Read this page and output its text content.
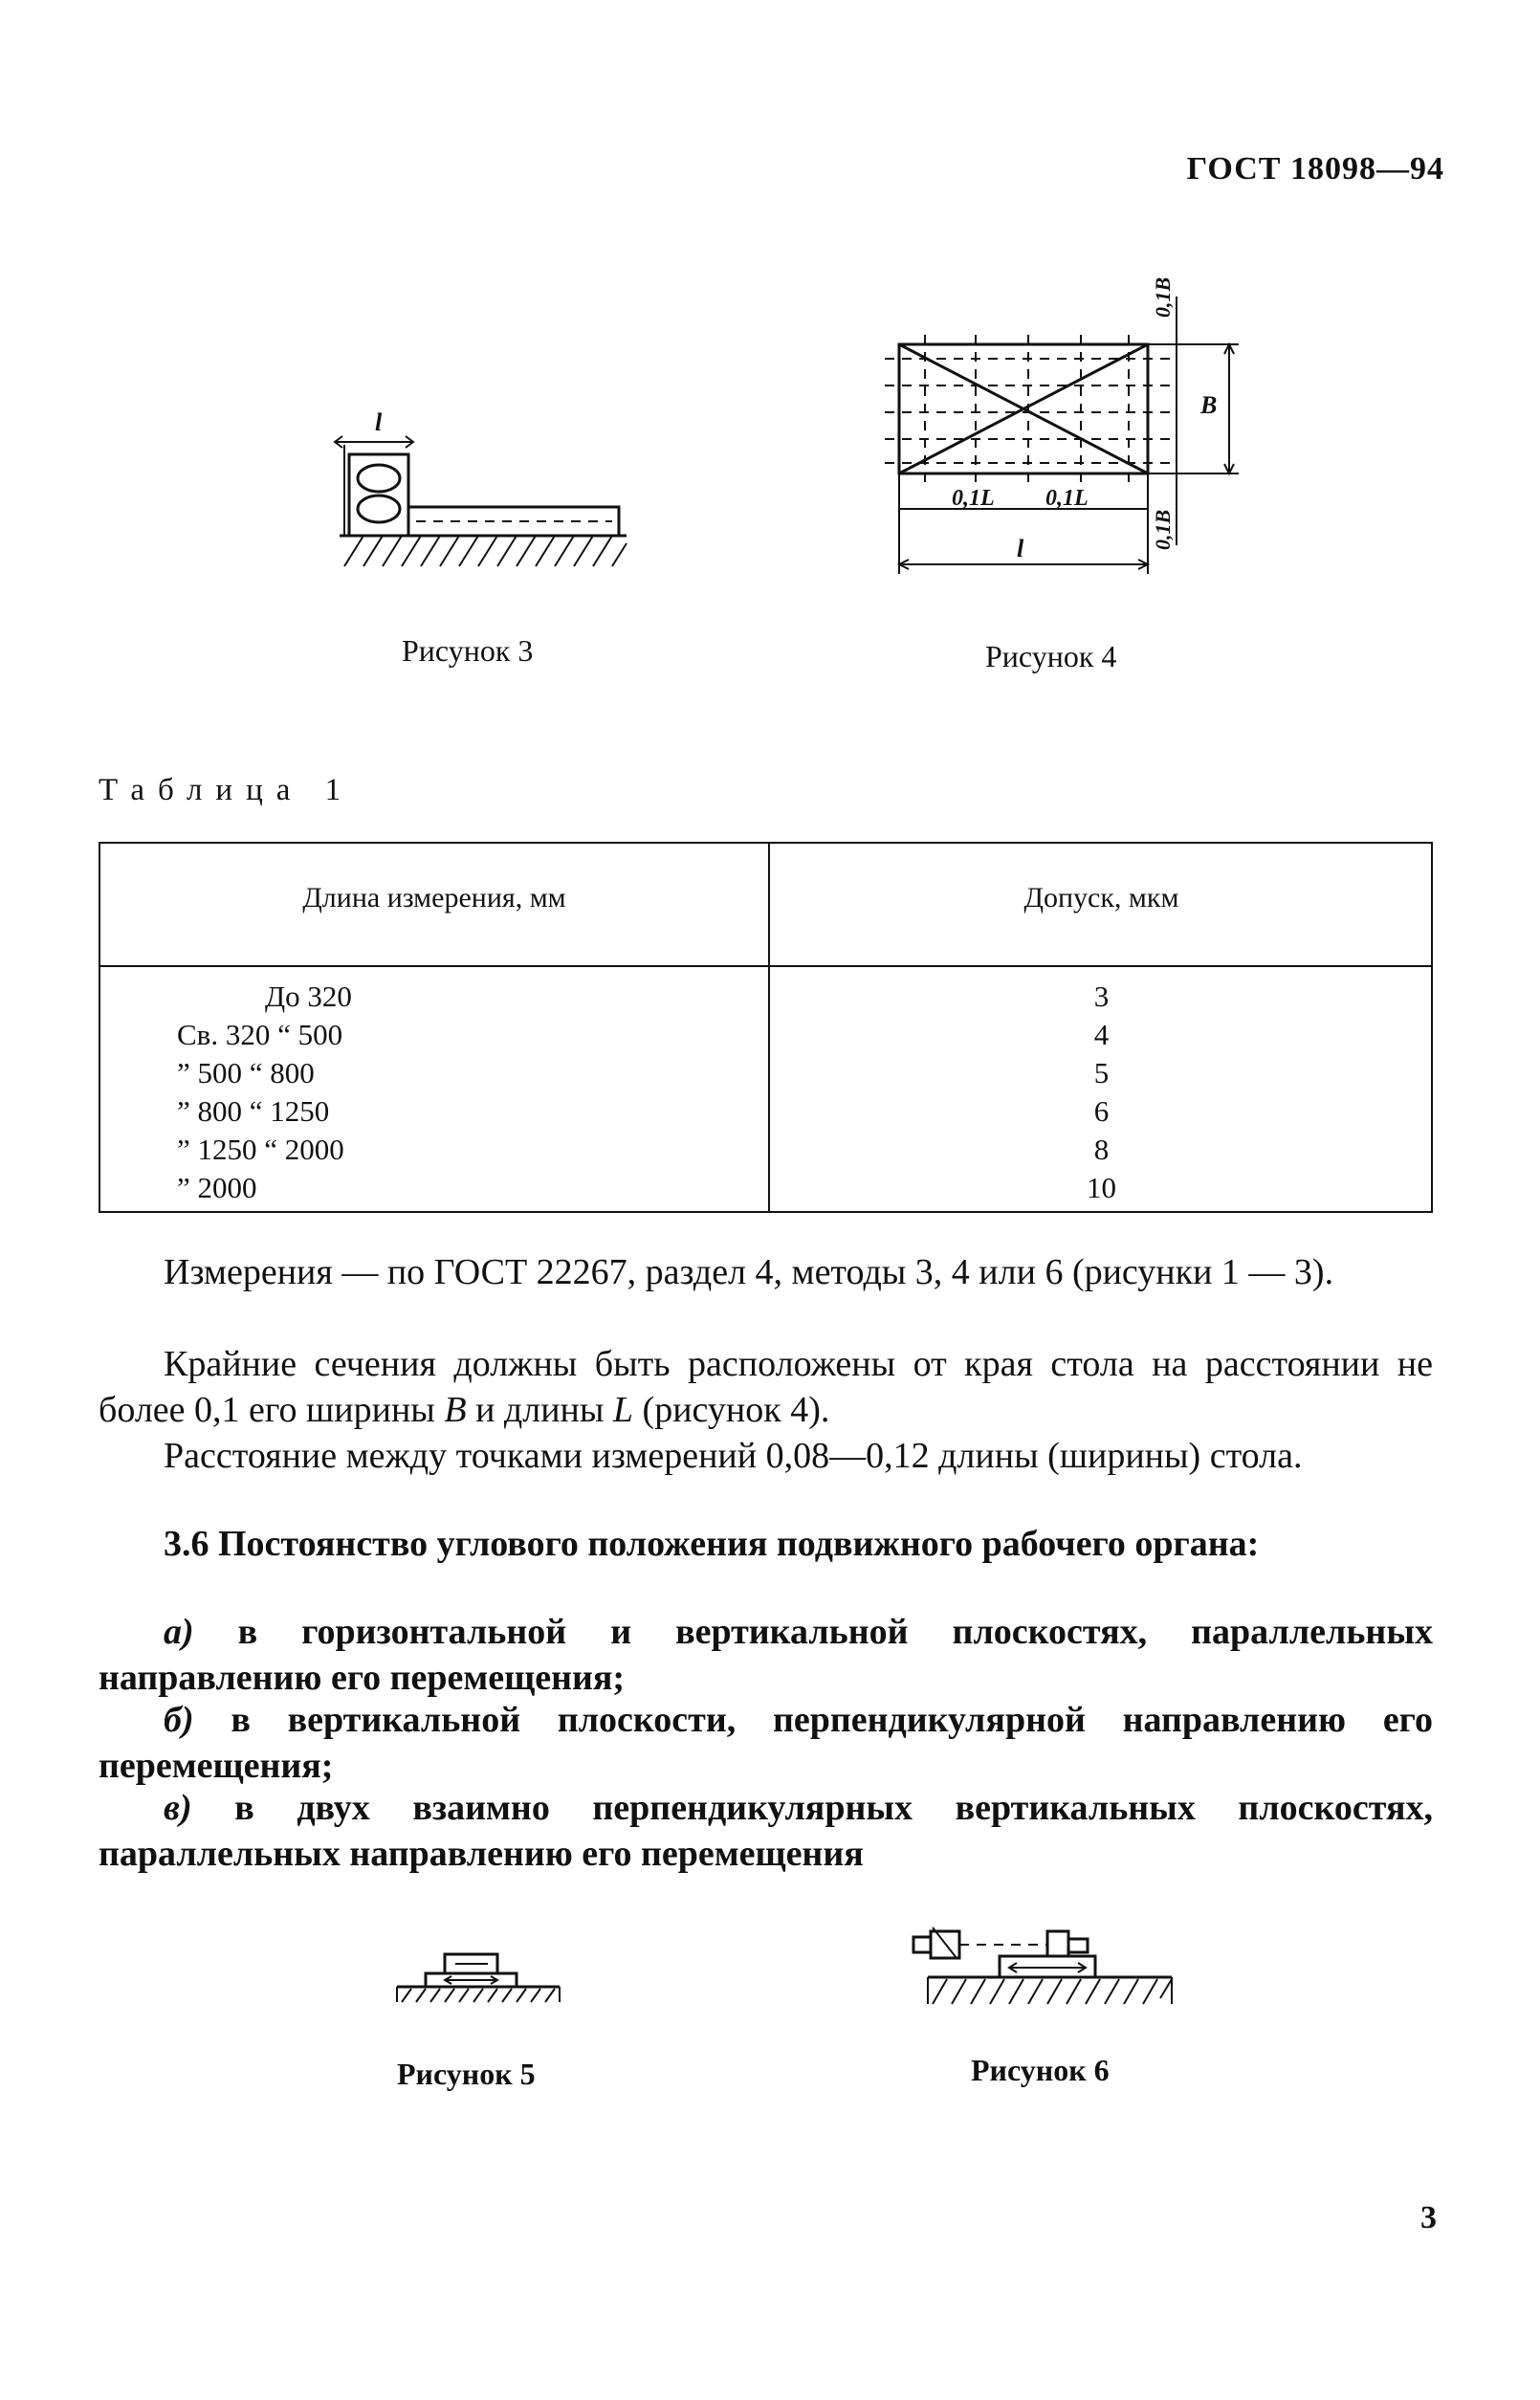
ГОСТ 18098—94
l
Рисунок 3
0,1L 0,1L
l
B
0,1B
0,1B
Рисунок 4
Таблица 1
Длина измерения, мм	Допуск, мкм
До 320
Св. 320 “ 500
” 500 “ 800
” 800 “ 1250
” 1250 “ 2000
” 2000
3
4
5
6
8
10
Измерения — по ГОСТ 22267, раздел 4, методы 3, 4 или 6 (рисунки 1 — 3).
Крайние сечения должны быть расположены от края стола на расстоянии не более 0,1 его ширины B и длины L (рисунок 4).
Расстояние между точками измерений 0,08—0,12 длины (ширины) стола.
3.6 Постоянство углового положения подвижного рабочего органа:
а) в горизонтальной и вертикальной плоскостях, параллельных направлению его перемещения;
б) в вертикальной плоскости, перпендикулярной направлению его перемещения;
в) в двух взаимно перпендикулярных вертикальных плоскостях, параллельных направлению его перемещения
Рисунок 5	Рисунок 6
3
